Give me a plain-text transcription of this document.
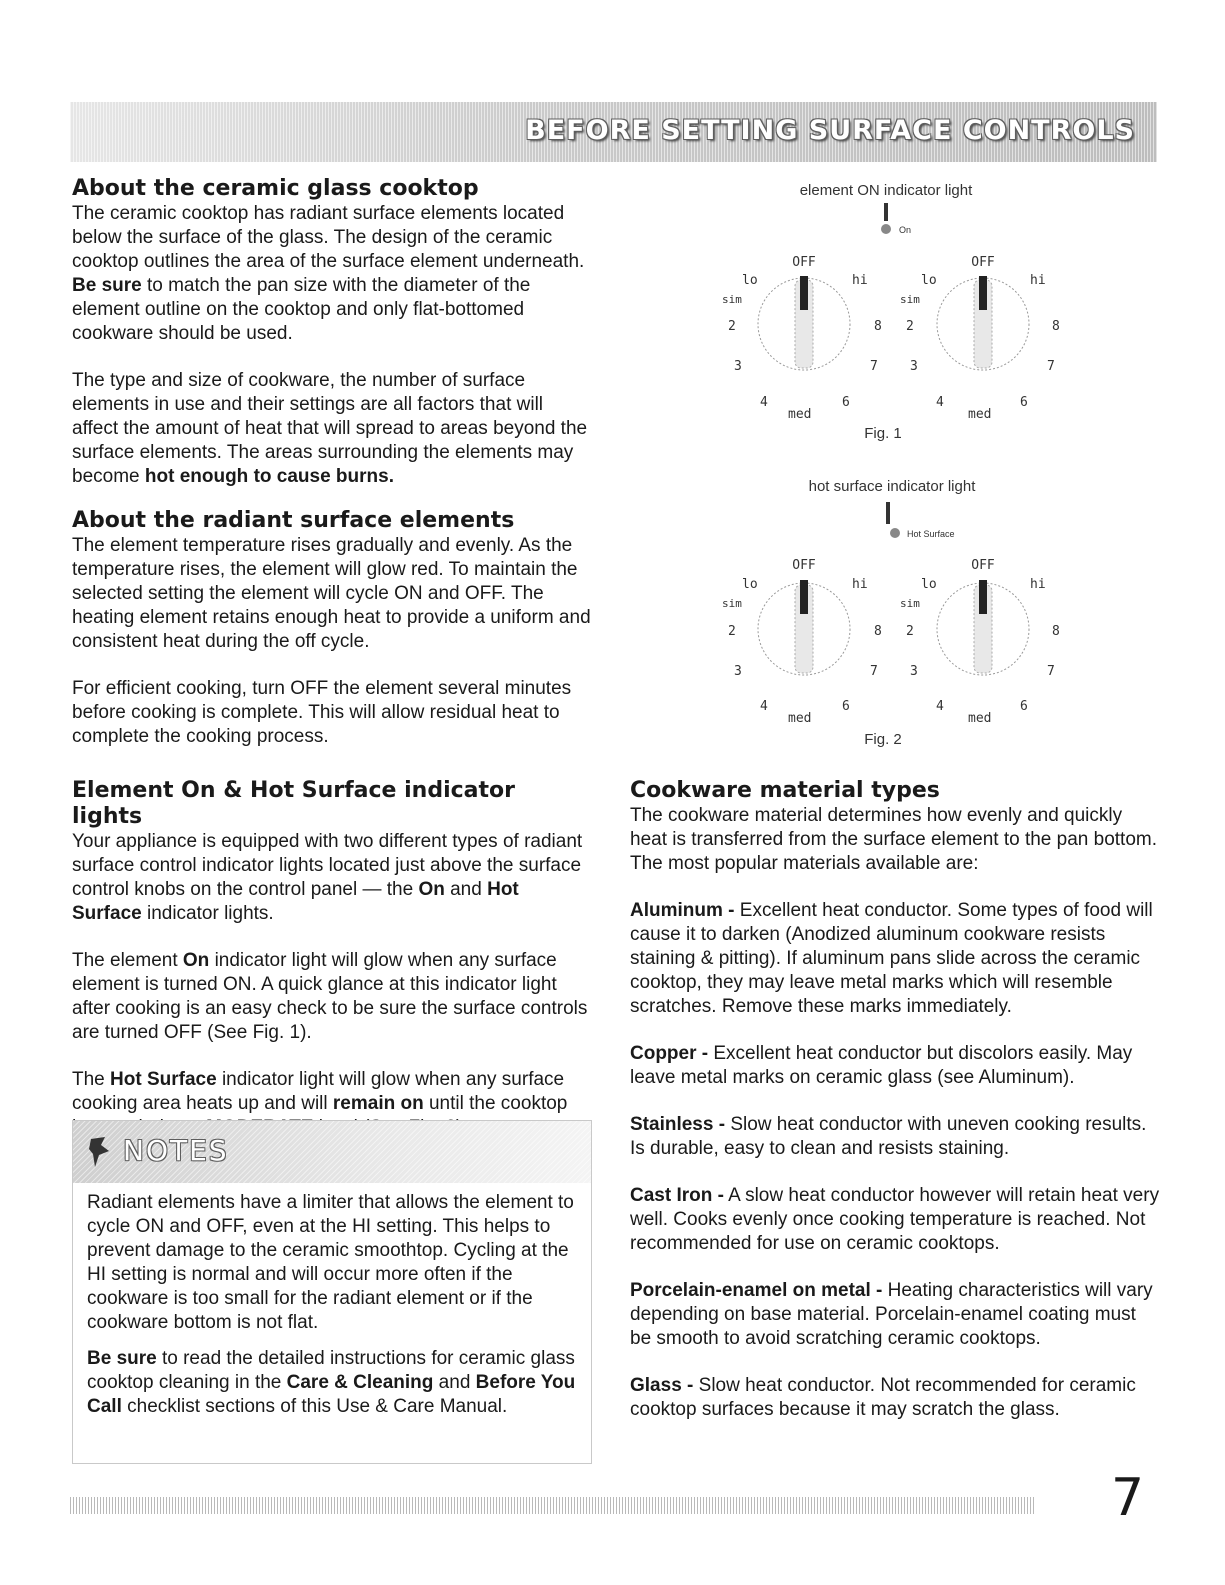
BEFORE SETTING SURFACE CONTROLS
About the ceramic glass cooktop

The ceramic cooktop has radiant surface elements located below the surface of the glass. The design of the ceramic cooktop outlines the area of the surface element underneath. Be sure to match the pan size with the diameter of the element outline on the cooktop and only flat-bottomed cookware should be used.

The type and size of cookware, the number of surface elements in use and their settings are all factors that will affect the amount of heat that will spread to areas beyond the surface elements. The areas surrounding the elements may become hot enough to cause burns.

About the radiant surface elements

The element temperature rises gradually and evenly. As the temperature rises, the element will glow red. To maintain the selected setting the element will cycle ON and OFF. The heating element retains enough heat to provide a uniform and consistent heat during the off cycle.

For efficient cooking, turn OFF the element several minutes before cooking is complete. This will allow residual heat to complete the cooking process.

Element On & Hot Surface indicator lights

Your appliance is equipped with two different types of radiant surface control indicator lights located just above the surface control knobs on the control panel — the On and Hot Surface indicator lights.

The element On indicator light will glow when any surface element is turned ON. A quick glance at this indicator light after cooking is an easy check to be sure the surface controls are turned OFF (See Fig. 1).

The Hot Surface indicator light will glow when any surface cooking area heats up and will remain on until the cooktop

NOTES

Radiant elements have a limiter that allows the element to cycle ON and OFF, even at the HI setting. This helps to prevent damage to the ceramic smoothtop. Cycling at the HI setting is normal and will occur more often if the cookware is too small for the radiant element or if the cookware bottom is not flat.

Be sure to read the detailed instructions for ceramic glass cooktop cleaning in the Care & Cleaning and Before You Call checklist sections of this Use & Care Manual.

element ON indicator light
On
OFF
lo	hi
sim
2	8
3	7
4	6
med
OFF
lo	hi
sim
2	8
3	7
4	6
med
Fig. 1
hot surface indicator light
Hot Surface
OFF
lo	hi
sim
2	8
3	7
4	6
med
OFF
lo	hi
sim
2	8
3	7
4	6
med
Fig. 2
Cookware material types

The cookware material determines how evenly and quickly heat is transferred from the surface element to the pan bottom. The most popular materials available are:

Aluminum - Excellent heat conductor. Some types of food will cause it to darken (Anodized aluminum cookware resists staining & pitting). If aluminum pans slide across the ceramic cooktop, they may leave metal marks which will resemble scratches. Remove these marks immediately.

Copper - Excellent heat conductor but discolors easily. May leave metal marks on ceramic glass (see Aluminum).

Stainless - Slow heat conductor with uneven cooking results. Is durable, easy to clean and resists staining.

Cast Iron - A slow heat conductor however will retain heat very well. Cooks evenly once cooking temperature is reached. Not recommended for use on ceramic cooktops.

Porcelain-enamel on metal - Heating characteristics will vary depending on base material. Porcelain-enamel coating must be smooth to avoid scratching ceramic cooktops.

Glass - Slow heat conductor. Not recommended for ceramic cooktop surfaces because it may scratch the glass.

7
